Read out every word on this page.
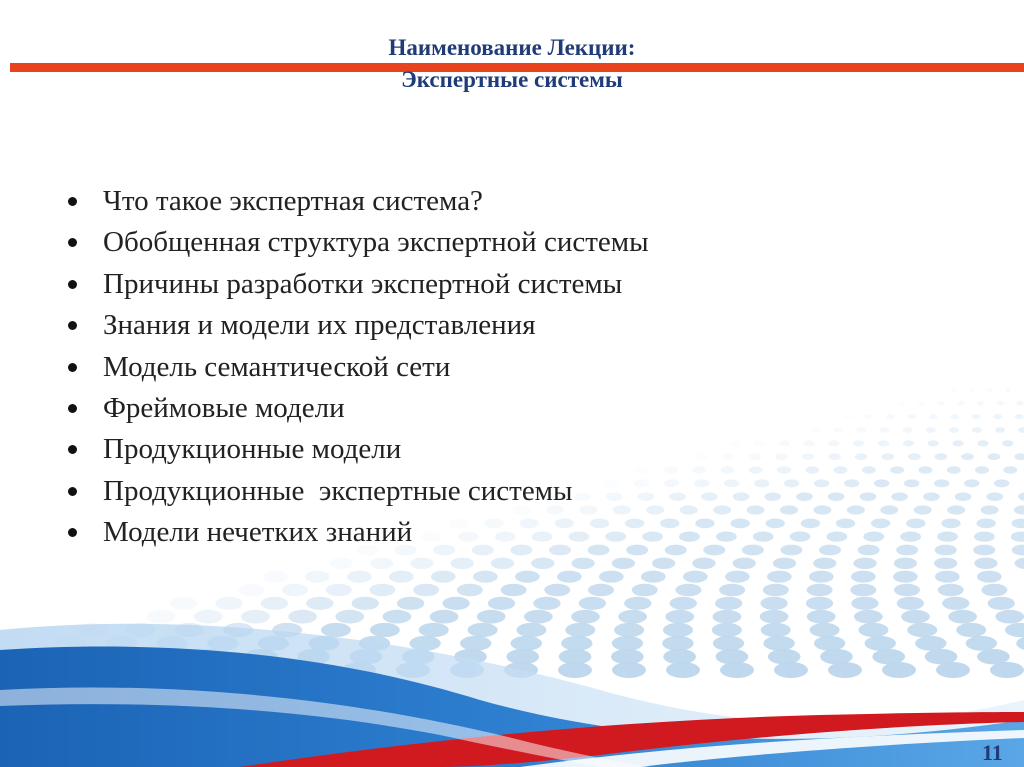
Наименование Лекции:
Экспертные системы
Что такое экспертная система?
Обобщенная структура экспертной системы
Причины разработки экспертной системы
Знания и модели их представления
Модель семантической сети
Фреймовые модели
Продукционные модели
Продукционные  экспертные системы
Модели нечетких знаний
11
